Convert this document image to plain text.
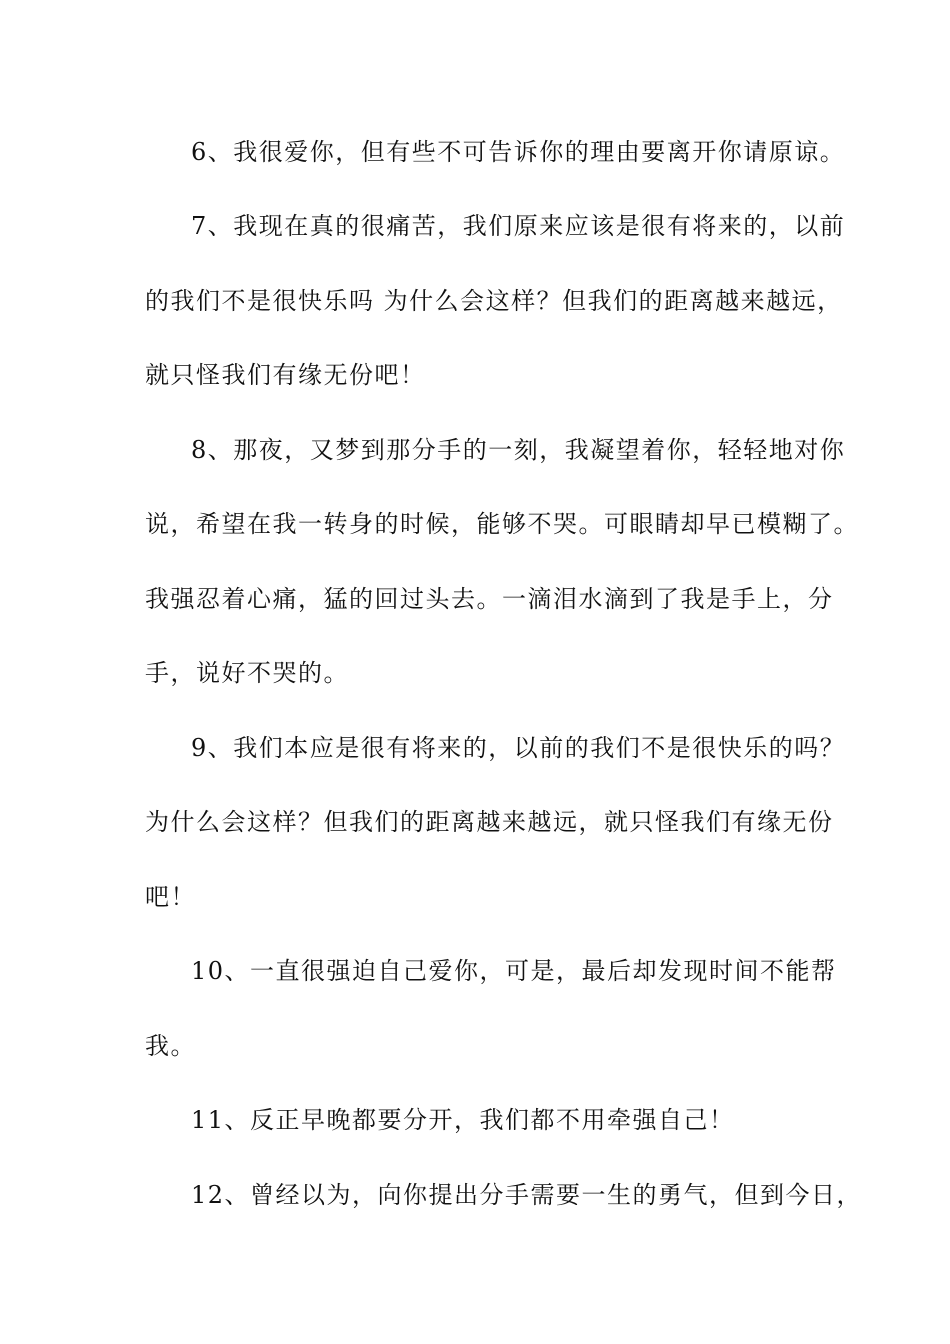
6、我很爱你，但有些不可告诉你的理由要离开你请原谅。
7、我现在真的很痛苦，我们原来应该是很有将来的，以前
的我们不是很快乐吗 为什么会这样？但我们的距离越来越远，
就只怪我们有缘无份吧！
8、那夜，又梦到那分手的一刻，我凝望着你，轻轻地对你
说，希望在我一转身的时候，能够不哭。可眼睛却早已模糊了。
我强忍着心痛，猛的回过头去。一滴泪水滴到了我是手上，分
手，说好不哭的。
9、我们本应是很有将来的，以前的我们不是很快乐的吗？
为什么会这样？但我们的距离越来越远，就只怪我们有缘无份
吧！
10、一直很强迫自己爱你，可是，最后却发现时间不能帮
我。
11、反正早晚都要分开，我们都不用牵强自己！
12、曾经以为，向你提出分手需要一生的勇气，但到今日，
